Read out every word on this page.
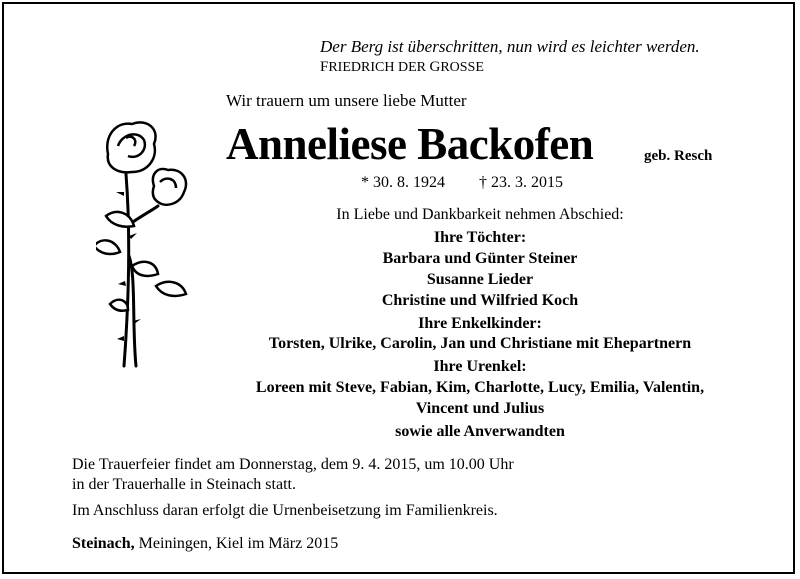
Der Berg ist überschritten, nun wird es leichter werden.
FRIEDRICH DER GROSSE
Wir trauern um unsere liebe Mutter
Anneliese Backofen	geb. Resch
* 30. 8. 1924 † 23. 3. 2015
In Liebe und Dankbarkeit nehmen Abschied:
Ihre Töchter:
Barbara und Günter Steiner
Susanne Lieder
Christine und Wilfried Koch
Ihre Enkelkinder:
Torsten, Ulrike, Carolin, Jan und Christiane mit Ehepartnern
Ihre Urenkel:
Loreen mit Steve, Fabian, Kim, Charlotte, Lucy, Emilia, Valentin,
Vincent und Julius
sowie alle Anverwandten
Die Trauerfeier findet am Donnerstag, dem 9. 4. 2015, um 10.00 Uhr
in der Trauerhalle in Steinach statt.
Im Anschluss daran erfolgt die Urnenbeisetzung im Familienkreis.
Steinach, Meiningen, Kiel im März 2015
